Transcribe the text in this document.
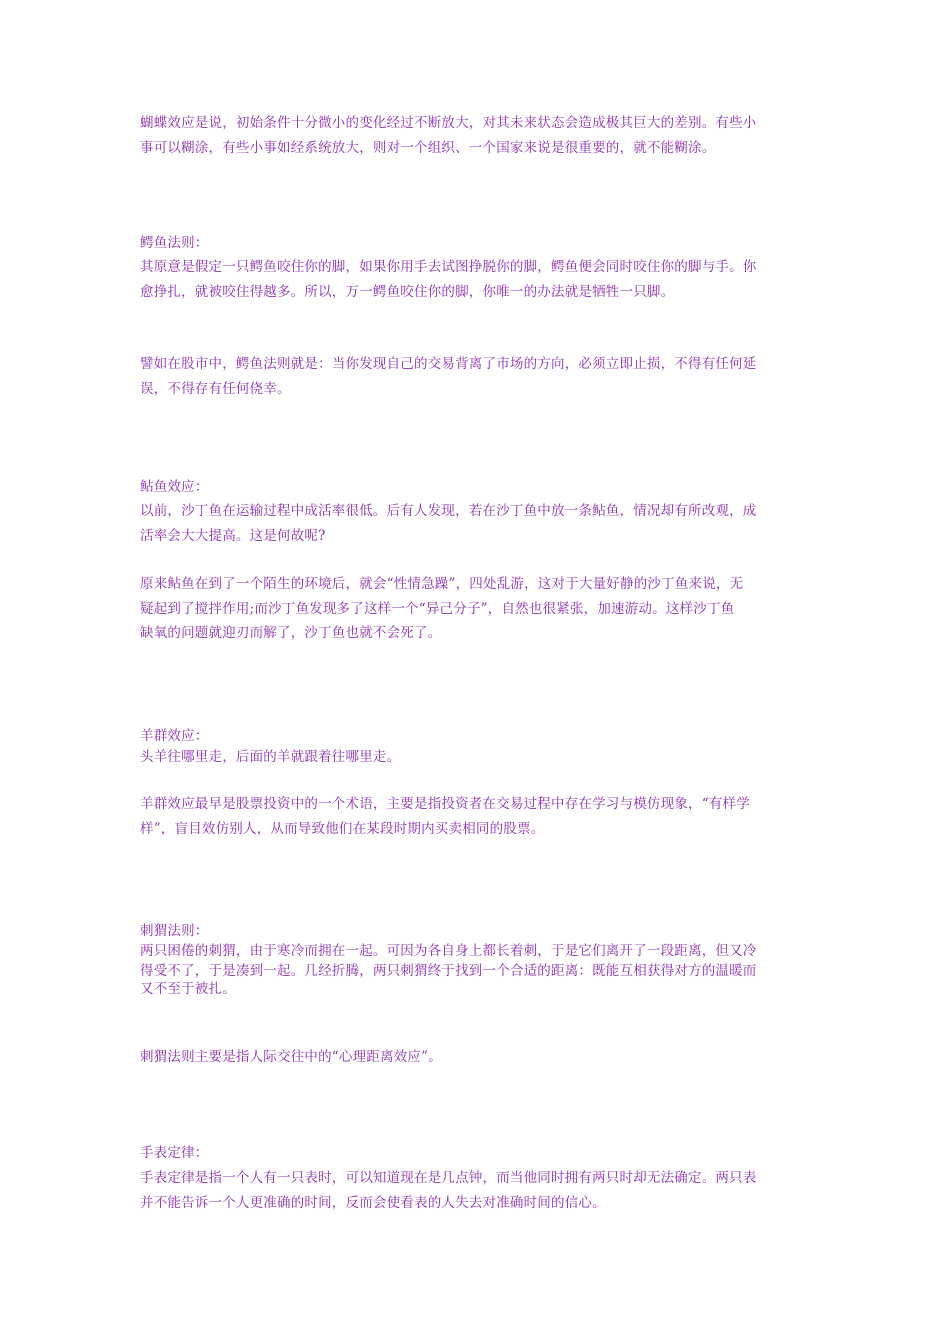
蝴蝶效应是说，初始条件十分微小的变化经过不断放大，对其未来状态会造成极其巨大的差别。有些小
事可以糊涂，有些小事如经系统放大，则对一个组织、一个国家来说是很重要的，就不能糊涂。
鳄鱼法则：
其原意是假定一只鳄鱼咬住你的脚，如果你用手去试图挣脱你的脚，鳄鱼便会同时咬住你的脚与手。你
愈挣扎，就被咬住得越多。所以，万一鳄鱼咬住你的脚，你唯一的办法就是牺牲一只脚。
譬如在股市中，鳄鱼法则就是：当你发现自己的交易背离了市场的方向，必须立即止损，不得有任何延
误，不得存有任何侥幸。
鲇鱼效应：
以前，沙丁鱼在运输过程中成活率很低。后有人发现，若在沙丁鱼中放一条鲇鱼，情况却有所改观，成
活率会大大提高。这是何故呢?
原来鲇鱼在到了一个陌生的环境后，就会“性情急躁”，四处乱游，这对于大量好静的沙丁鱼来说，无
疑起到了搅拌作用;而沙丁鱼发现多了这样一个“异己分子”，自然也很紧张，加速游动。这样沙丁鱼
缺氧的问题就迎刃而解了，沙丁鱼也就不会死了。
羊群效应：
头羊往哪里走，后面的羊就跟着往哪里走。
羊群效应最早是股票投资中的一个术语，主要是指投资者在交易过程中存在学习与模仿现象，“有样学
样”，盲目效仿别人，从而导致他们在某段时期内买卖相同的股票。
刺猬法则：
两只困倦的刺猬，由于寒冷而拥在一起。可因为各自身上都长着刺，于是它们离开了一段距离，但又冷
得受不了，于是凑到一起。几经折腾，两只刺猬终于找到一个合适的距离：既能互相获得对方的温暖而
又不至于被扎。
刺猬法则主要是指人际交往中的“心理距离效应”。
手表定律：
手表定律是指一个人有一只表时，可以知道现在是几点钟，而当他同时拥有两只时却无法确定。两只表
并不能告诉一个人更准确的时间，反而会使看表的人失去对准确时间的信心。
